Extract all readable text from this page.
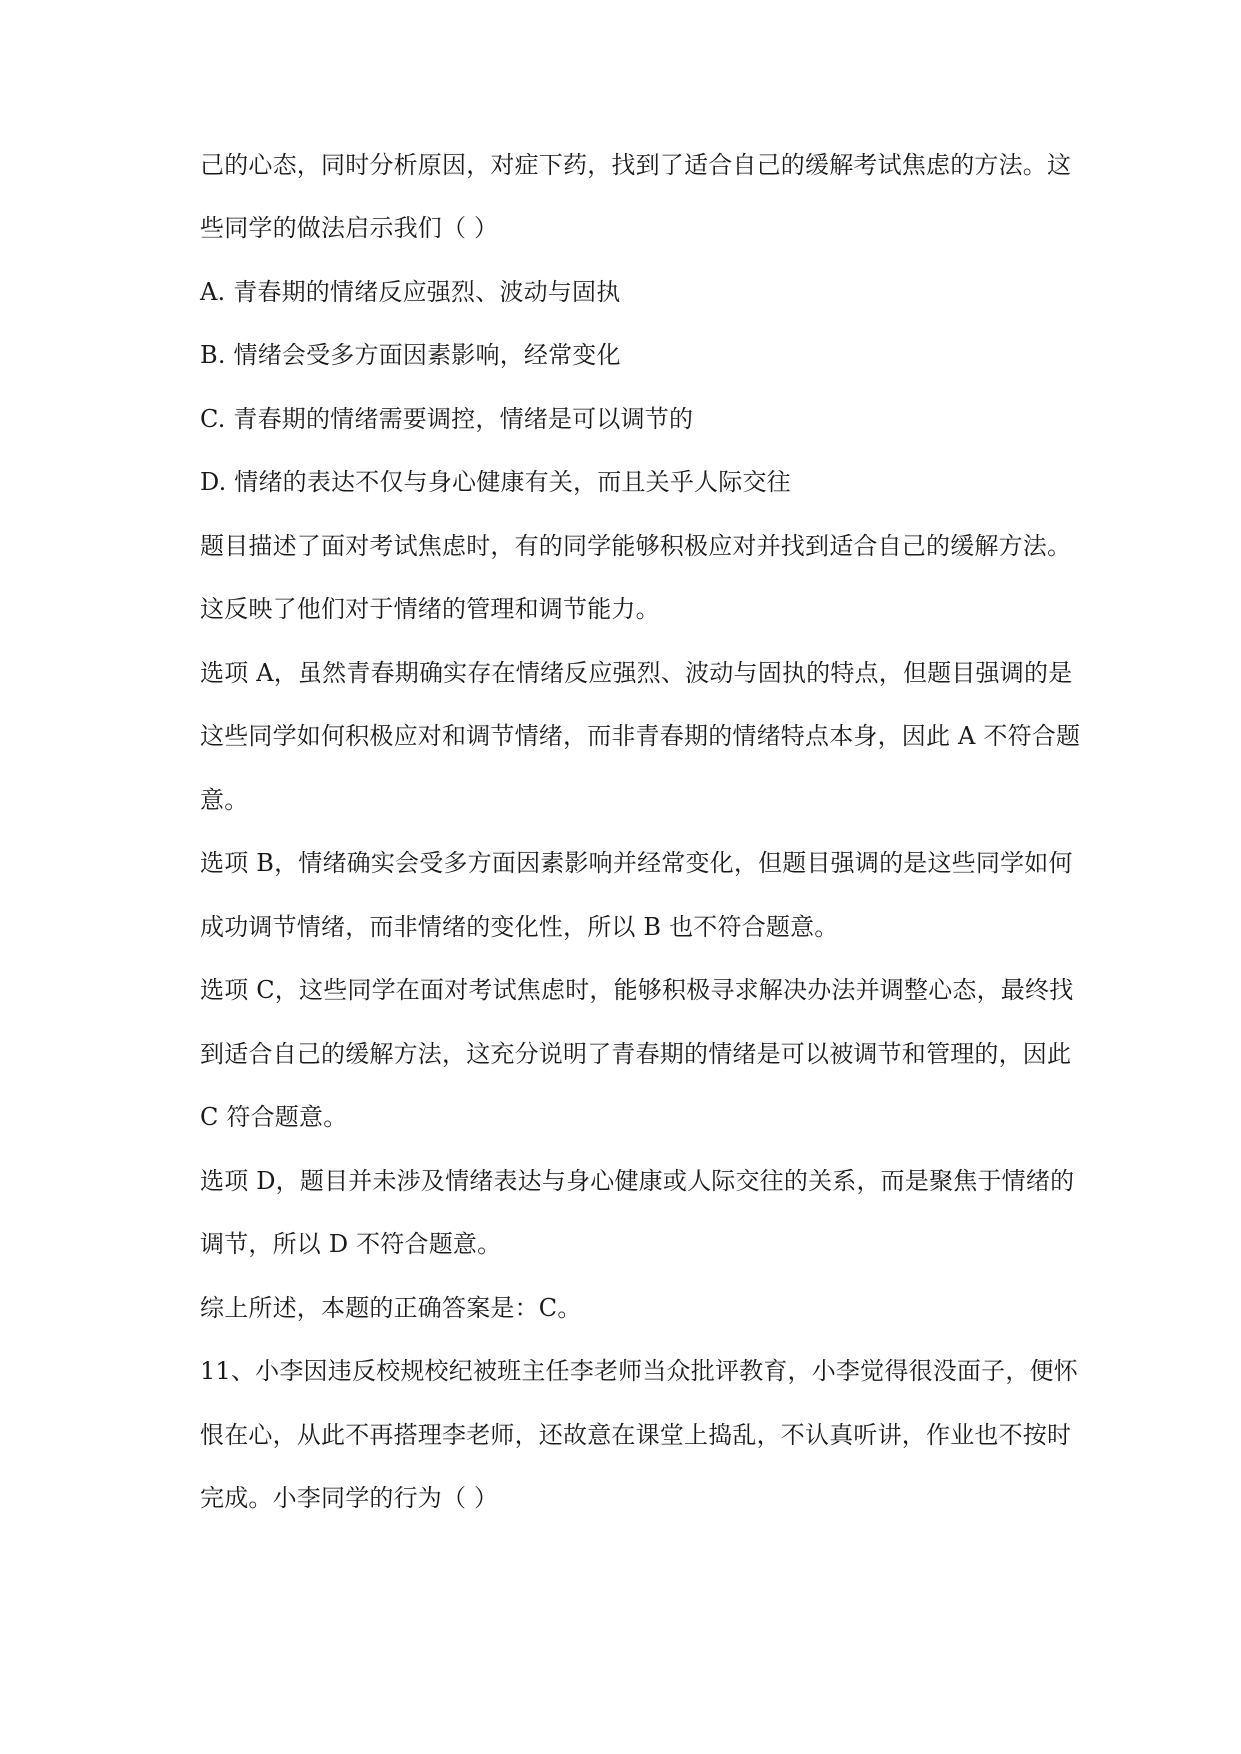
己的心态，同时分析原因，对症下药，找到了适合自己的缓解考试焦虑的方法。这
些同学的做法启示我们（ ）
A. 青春期的情绪反应强烈、波动与固执
B. 情绪会受多方面因素影响，经常变化
C. 青春期的情绪需要调控，情绪是可以调节的
D. 情绪的表达不仅与身心健康有关，而且关乎人际交往
题目描述了面对考试焦虑时，有的同学能够积极应对并找到适合自己的缓解方法。
这反映了他们对于情绪的管理和调节能力。
选项 A，虽然青春期确实存在情绪反应强烈、波动与固执的特点，但题目强调的是
这些同学如何积极应对和调节情绪，而非青春期的情绪特点本身，因此 A 不符合题
意。
选项 B，情绪确实会受多方面因素影响并经常变化，但题目强调的是这些同学如何
成功调节情绪，而非情绪的变化性，所以 B 也不符合题意。
选项 C，这些同学在面对考试焦虑时，能够积极寻求解决办法并调整心态，最终找
到适合自己的缓解方法，这充分说明了青春期的情绪是可以被调节和管理的，因此
C 符合题意。
选项 D，题目并未涉及情绪表达与身心健康或人际交往的关系，而是聚焦于情绪的
调节，所以 D 不符合题意。
综上所述，本题的正确答案是：C。
11、小李因违反校规校纪被班主任李老师当众批评教育，小李觉得很没面子，便怀
恨在心，从此不再搭理李老师，还故意在课堂上捣乱，不认真听讲，作业也不按时
完成。小李同学的行为（ ）
